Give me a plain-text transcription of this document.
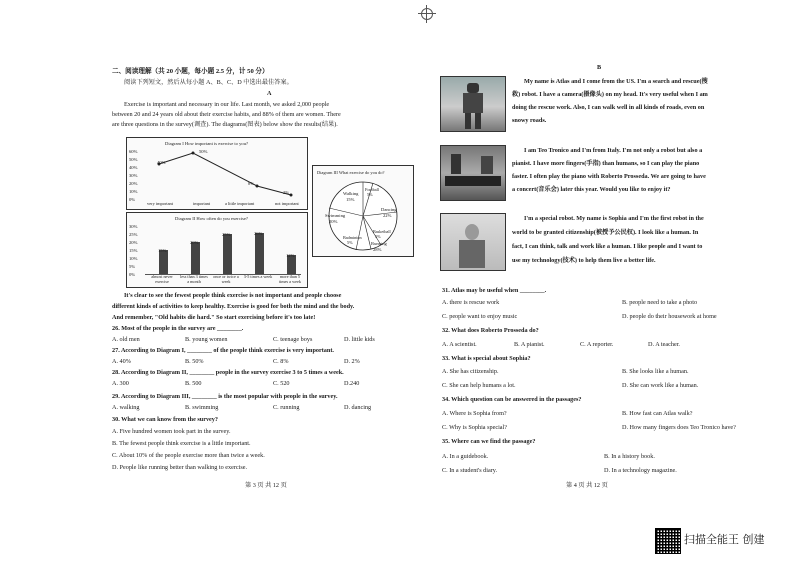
二、阅读理解（共 20 小题，每小题 2.5 分，计 50 分）
阅读下列短文，然后从每小题 A、B、C、D 中选出最佳答案。
A
Exercise is important and necessary in our life. Last month, we asked 2,000 people
between 20 and 24 years old about their exercise habits, and 88% of them are women. There
are three questions in the survey(调查). The diagrams(图表) below show the results(结果).
Diagram I How important is exercise to you?
60%
50%
40%
30%
20%
10%
0%
40%
50%
8%
2%
very important	important	a little important	not important
Diagram II How often do you exercise?
30%
25%
20%
15%
10%
5%
0%
15%
20%
25%	26%
12%
almost never exercise
less than 3 times a month
once or twice a week
3-5 times a week	more than 5 times a week
Diagram III What exercise do you do?
Walking
15%
Football
5%
Dancing
22%
Swimming
20%
Badminton
5%
Basketball
5%
Running
28%
It's clear to see the fewest people think exercise is not important and people choose
different kinds of activities to keep healthy. Exercise is good for both the mind and the body.
And remember, "Old habits die hard." So start exercising before it's too late!
26. Most of the people in the survey are ________.
A. old men	B. young women	C. teenage boys	D. little kids
27. According to Diagram I, ________ of the people think exercise is very important.
A. 40%	B. 50%	C. 8%	D. 2%
28. According to Diagram II, ________ people in the survey exercise 3 to 5 times a week.
A. 300	B. 500	C. 520	D.240
29. According to Diagram III, ________ is the most popular with people in the survey.
A. walking	B. swimming	C. running	D. dancing
30. What we can know from the survey?
A. Five hundred women took part in the survey.
B. The fewest people think exercise is a little important.
C. About 10% of the people exercise more than twice a week.
D. People like running better than walking to exercise.
第 3 页 共 12 页
B
My name is Atlas and I come from the US. I'm a search and rescue(搜
救) robot. I have a camera(摄像头) on my head. It's very useful when I am
doing the rescue work. Also, I can walk well in all kinds of roads, even on
snowy roads.
I am Teo Tronico and I'm from Italy. I'm not only a robot but also a
pianist. I have more fingers(手指) than humans, so I can play the piano
faster. I often play the piano with Roberto Prosseda. We are going to have
a concert(音乐会) later this year. Would you like to enjoy it?
I'm a special robot. My name is Sophia and I'm the first robot in the
world to be granted citizenship(被授予公民权). I look like a human. In
fact, I can think, talk and work like a human. I like people and I want to
use my technology(技术) to help them live a better life.
31. Atlas may be useful when ________.
A. there is rescue work	B. people need to take a photo
C. people want to enjoy music	D. people do their housework at home
32. What does Roberto Prosseda do?
A. A scientist.	B. A pianist.	C. A reporter.	D. A teacher.
33. What is special about Sophia?
A. She has citizenship.	B. She looks like a human.
C. She can help humans a lot.	D. She can work like a human.
34. Which question can be answered in the passages?
A. Where is Sophia from?	B. How fast can Atlas walk?
C. Why is Sophia special?	D. How many fingers does Teo Tronico have?
35. Where can we find the passage?
A. In a guidebook.	B. In a history book.
C. In a student's diary.	D. In a technology magazine.
第 4 页 共 12 页
扫描全能王 创建
